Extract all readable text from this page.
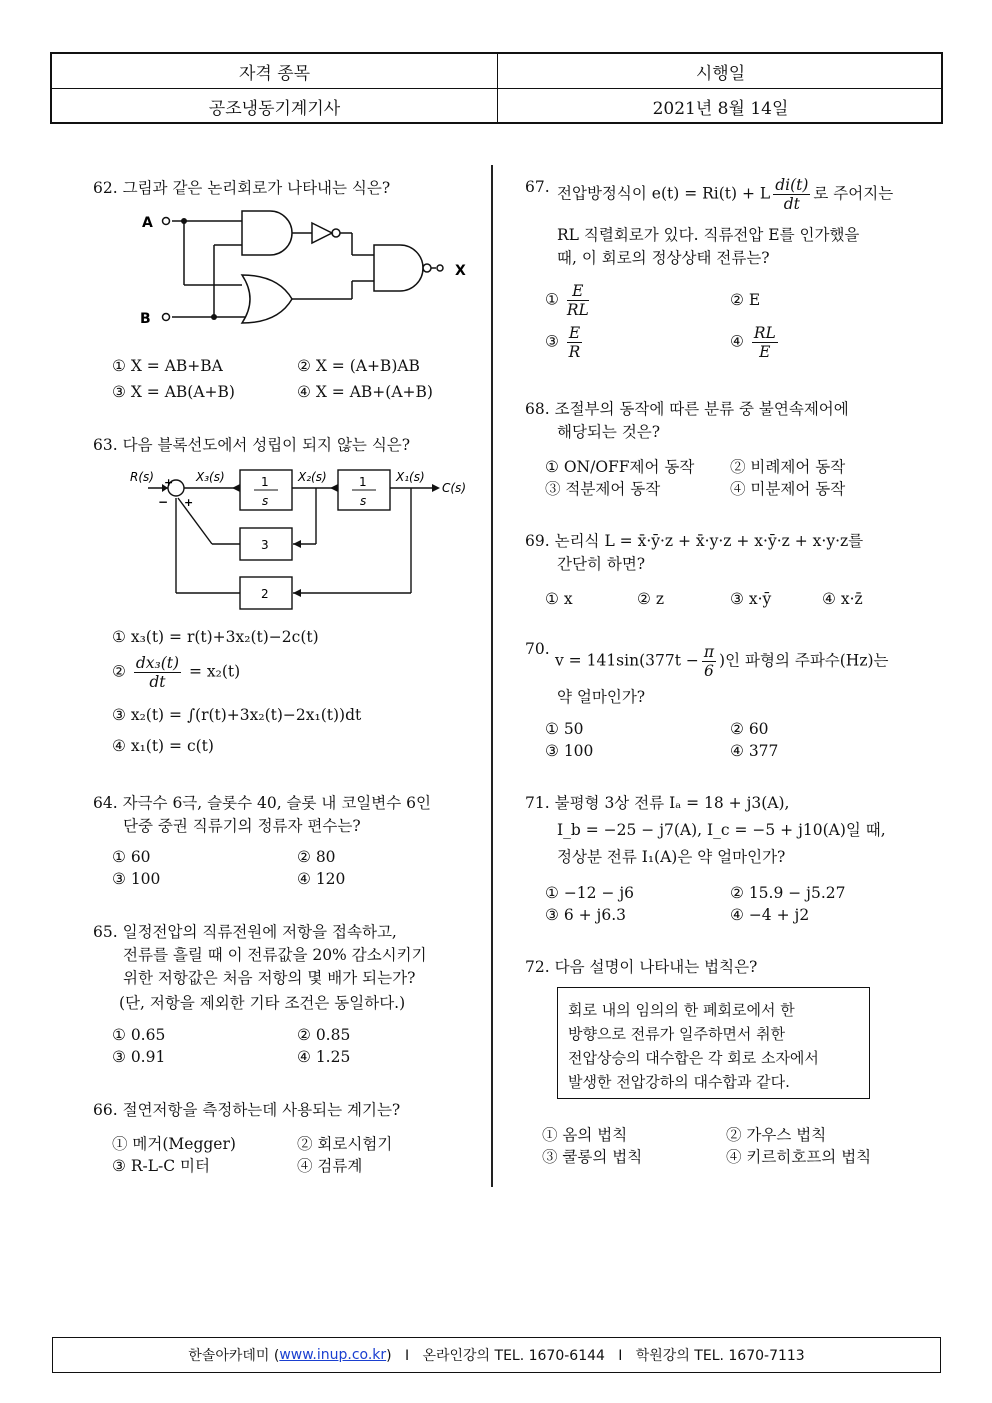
자격 종목	시행일
공조냉동기계기사	2021년 8월 14일
62. 그림과 같은 논리회로가 나타내는 식은?
A
B
X
① X = AB+BA	② X = (A+B)AB
③ X = AB(A+B)	④ X = AB+(A+B)
63. 다음 블록선도에서 성립이 되지 않는 식은?
R(s)	X₃(s)	X₂(s)	X₁(s)
C(s)
1
s
1
s
3
2
−
+
+
① x₃(t) = r(t)+3x₂(t)−2c(t)
② $\frac{\text{dx₃(t)}}{dt} = x_2(t)$
③ x₂(t) = ∫(r(t)+3x₂(t)−2x₁(t))dt
④ x₁(t) = c(t)
64. 자극수 6극, 슬롯수 40, 슬롯 내 코일변수 6인
단중 중권 직류기의 정류자 편수는?
① 60	② 80
③ 100	④ 120
65. 일정전압의 직류전원에 저항을 접속하고,
전류를 흘릴 때 이 전류값을 20% 감소시키기
위한 저항값은 처음 저항의 몇 배가 되는가?
(단, 저항을 제외한 기타 조건은 동일하다.)
① 0.65	② 0.85
③ 0.91	④ 1.25
66. 절연저항을 측정하는데 사용되는 계기는?
① 메거(Megger)	② 회로시험기
③ R-L-C 미터	④ 검류계
67. 전압방정식이 e(t) = Ri(t) + L $\frac{di(t)}{dt}$ 로 주어지는
RL 직렬회로가 있다. 직류전압 E를 인가했을
때, 이 회로의 정상상태 전류는?
① $\frac{E}{RL}$	② E
③ $\frac{E}{R}$	④ $\frac{RL}{E}$
68. 조절부의 동작에 따른 분류 중 불연속제어에
해당되는 것은?
① ON/OFF제어 동작 ② 비례제어 동작
③ 적분제어 동작	④ 미분제어 동작
69. 논리식 L = x̄·ȳ·z + x̄·y·z + x·ȳ·z + x·y·z를
간단히 하면?
① x	② z	③ x·ȳ	④ x·z̄
70.
$v = 141\sin(377t - \frac{\pi}{6}$ )인 파형의 주파수(Hz)는
약 얼마인가?
① 50	② 60
③ 100	④ 377
71. 불평형 3상 전류 Iₐ = 18 + j3(A),
I_b = −25 − j7(A), I_c = −5 + j10(A)일 때,
정상분 전류 I₁(A)은 약 얼마인가?
① −12 − j6	② 15.9 − j5.27
③ 6 + j6.3	④ −4 + j2
72. 다음 설명이 나타내는 법칙은?
회로 내의 임의의 한 폐회로에서 한
방향으로 전류가 일주하면서 취한
전압상승의 대수합은 각 회로 소자에서
발생한 전압강하의 대수합과 같다.
① 옴의 법칙	② 가우스 법칙
③ 쿨롱의 법칙	④ 키르히호프의 법칙
한솔아카데미 ( www.inup.co.kr )   I   온라인강의 TEL. 1670-6144   I   학원강의 TEL. 1670-7113
